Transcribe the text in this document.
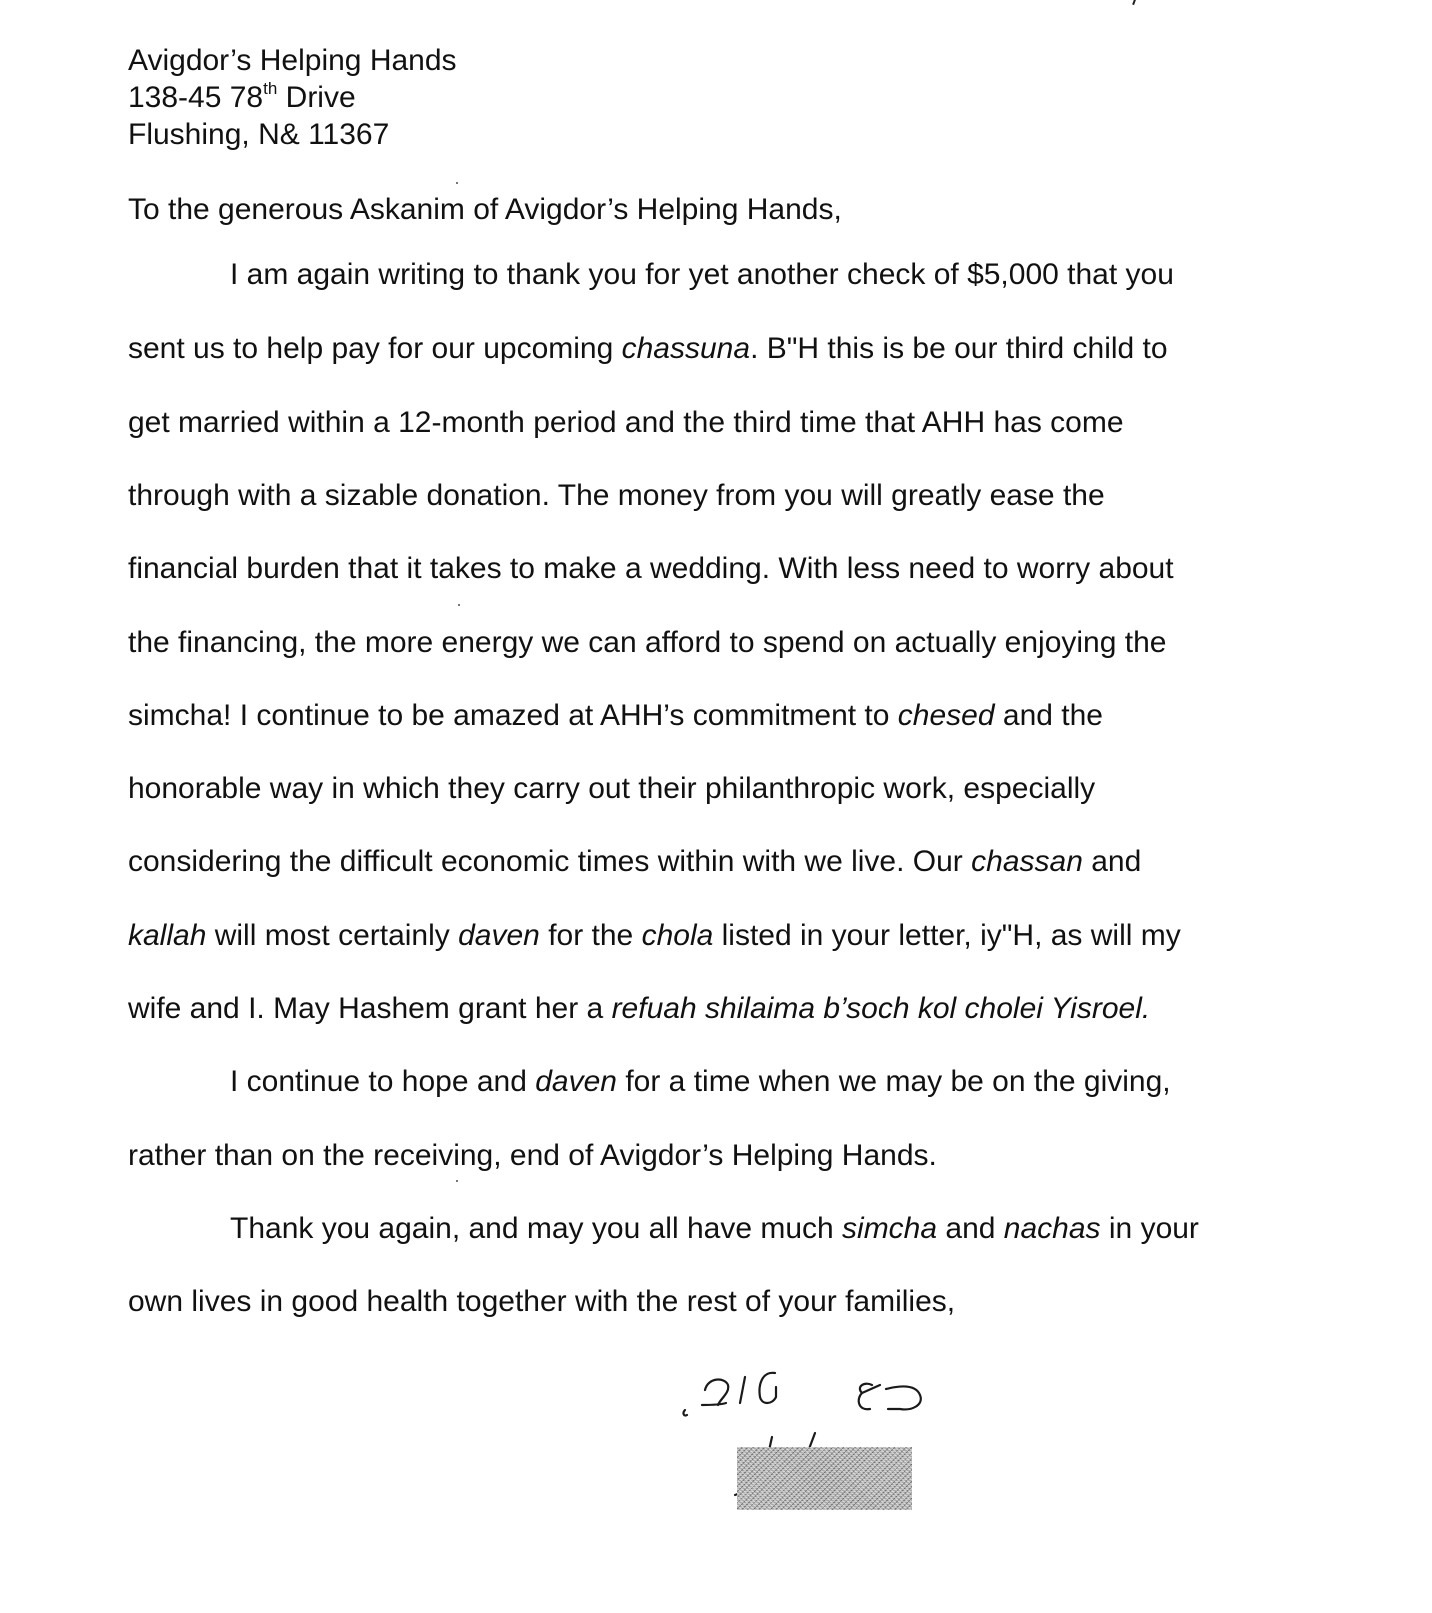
Avigdor’s Helping Hands
138-45 78th Drive
Flushing, N& 11367
To the generous Askanim of Avigdor’s Helping Hands,
I am again writing to thank you for yet another check of $5,000 that you
sent us to help pay for our upcoming chassuna. B"H this is be our third child to
get married within a 12-month period and the third time that AHH has come
through with a sizable donation. The money from you will greatly ease the
financial burden that it takes to make a wedding. With less need to worry about
the financing, the more energy we can afford to spend on actually enjoying the
simcha! I continue to be amazed at AHH’s commitment to chesed and the
honorable way in which they carry out their philanthropic work, especially
considering the difficult economic times within with we live. Our chassan and
kallah will most certainly daven for the chola listed in your letter, iy"H, as will my
wife and I. May Hashem grant her a refuah shilaima b’soch kol cholei Yisroel.
I continue to hope and daven for a time when we may be on the giving,
rather than on the receiving, end of Avigdor’s Helping Hands.
Thank you again, and may you all have much simcha and nachas in your
own lives in good health together with the rest of your families,
